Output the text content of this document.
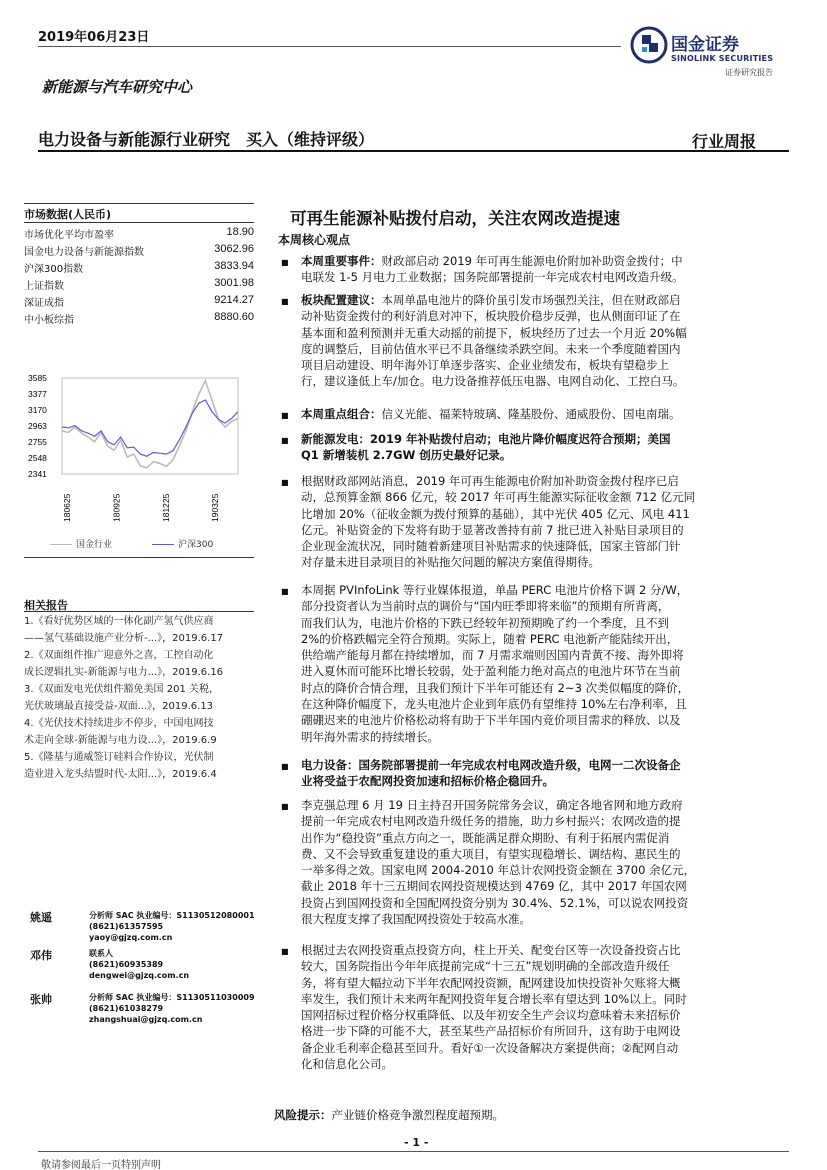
2019年06月23日
新能源与汽车研究中心
电力设备与新能源行业研究　买入（维持评级）	行业周报
国金证券
SINOLINK SECURITIES
证券研究报告
市场数据(人民币)
市场优化平均市盈率	18.90
国金电力设备与新能源指数	3062.96
沪深300指数	3833.94
上证指数	3001.98
深证成指	9214.27
中小板综指	8880.60
3585
3377
3170
2963
2755
2548
2341
180625	180925	181225	190325
国金行业	沪深300
相关报告
1.《看好优势区域的一体化副产氢气供应商
——氢气基础设施产业分析-...》，2019.6.17
2.《双面组件推广迎意外之喜，工控自动化
成长逻辑扎实-新能源与电力...》，2019.6.16
3.《双面发电光伏组件豁免美国 201 关税，
光伏玻璃最直接受益-双面...》，2019.6.13
4.《光伏技术持续进步不停步，中国电网技
术走向全球-新能源与电力设...》，2019.6.9
5.《隆基与通威签订硅料合作协议，光伏制
造业进入龙头结盟时代-太阳...》，2019.6.4
姚遥	分析师 SAC 执业编号：S1130512080001
(8621)61357595
yaoy@gjzq.com.cn
邓伟	联系人
(8621)60935389
dengwei@gjzq.com.cn
张帅	分析师 SAC 执业编号：S1130511030009
(8621)61038279
zhangshuai@gjzq.com.cn
可再生能源补贴拨付启动，关注农网改造提速
本周核心观点
■ 本周重要事件：财政部启动 2019 年可再生能源电价附加补助资金拨付；中
电联发 1-5 月电力工业数据；国务院部署提前一年完成农村电网改造升级。
■ 板块配置建议：本周单晶电池片的降价虽引发市场强烈关注，但在财政部启
动补贴资金拨付的利好消息对冲下，板块股价稳步反弹，也从侧面印证了在
基本面和盈利预测并无重大动摇的前提下，板块经历了过去一个月近 20%幅
度的调整后，目前估值水平已不具备继续杀跌空间。未来一个季度随着国内
项目启动建设、明年海外订单逐步落实、企业业绩发布，板块有望稳步上
行，建议逢低上车/加仓。电力设备推荐低压电器、电网自动化、工控白马。
■ 本周重点组合：信义光能、福莱特玻璃、隆基股份、通威股份、国电南瑞。
■ 新能源发电：2019 年补贴拨付启动；电池片降价幅度迟符合预期；美国
Q1 新增装机 2.7GW 创历史最好记录。
■ 根据财政部网站消息，2019 年可再生能源电价附加补助资金拨付程序已启
动，总预算金额 866 亿元，较 2017 年可再生能源实际征收金额 712 亿元同
比增加 20%（征收金额为拨付预算的基础），其中光伏 405 亿元、风电 411
亿元。补贴资金的下发将有助于显著改善持有前 7 批已进入补贴目录项目的
企业现金流状况，同时随着新建项目补贴需求的快速降低，国家主管部门针
对存量未进目录项目的补贴拖欠问题的解决方案值得期待。
■ 本周据 PVInfoLink 等行业媒体报道，单晶 PERC 电池片价格下调 2 分/W，
部分投资者认为当前时点的调价与“国内旺季即将来临”的预期有所背离，
而我们认为，电池片价格的下跌已经较年初预期晚了约一个季度，且不到
2%的价格跌幅完全符合预期。实际上，随着 PERC 电池新产能陆续开出，
供给端产能每月都在持续增加，而 7 月需求端则因国内青黄不接、海外即将
进入夏休而可能环比增长较弱，处于盈利能力绝对高点的电池片环节在当前
时点的降价合情合理，且我们预计下半年可能还有 2~3 次类似幅度的降价，
在这种降价幅度下，龙头电池片企业到年底仍有望维持 10%左右净利率，且
硼硼迟来的电池片价格松动将有助于下半年国内竞价项目需求的释放、以及
明年海外需求的持续增长。
■ 电力设备：国务院部署提前一年完成农村电网改造升级，电网一二次设备企
业将受益于农配网投资加速和招标价格企稳回升。
■ 李克强总理 6 月 19 日主持召开国务院常务会议，确定各地省网和地方政府
提前一年完成农村电网改造升级任务的措施，助力乡村振兴；农网改造的提
出作为“稳投资”重点方向之一，既能满足群众期盼、有利于拓展内需促消
费、又不会导致重复建设的重大项目，有望实现稳增长、调结构、惠民生的
一举多得之效。国家电网 2004-2010 年总计农网投资金额在 3700 余亿元，
截止 2018 年十三五期间农网投资规模达到 4769 亿，其中 2017 年国农网
投资占到国网投资和全国配网投资分别为 30.4%、52.1%，可以说农网投资
很大程度支撑了我国配网投资处于较高水准。
■ 根据过去农网投资重点投资方向，柱上开关、配变台区等一次设备投资占比
较大，国务院指出今年年底提前完成“十三五”规划明确的全部改造升级任
务，将有望大幅拉动下半年农配网投资额，配网建设加快投资补欠账将大概
率发生，我们预计未来两年配网投资年复合增长率有望达到 10%以上。同时
国网招标过程价格分权重降低、以及年初安全生产会议均意味着未来招标价
格进一步下降的可能不大，甚至某些产品招标价有所回升，这有助于电网设
备企业毛利率企稳甚至回升。看好①一次设备解决方案提供商；②配网自动
化和信息化公司。
风险提示：产业链价格竞争激烈程度超预期。
- 1 -
敬请参阅最后一页特别声明
